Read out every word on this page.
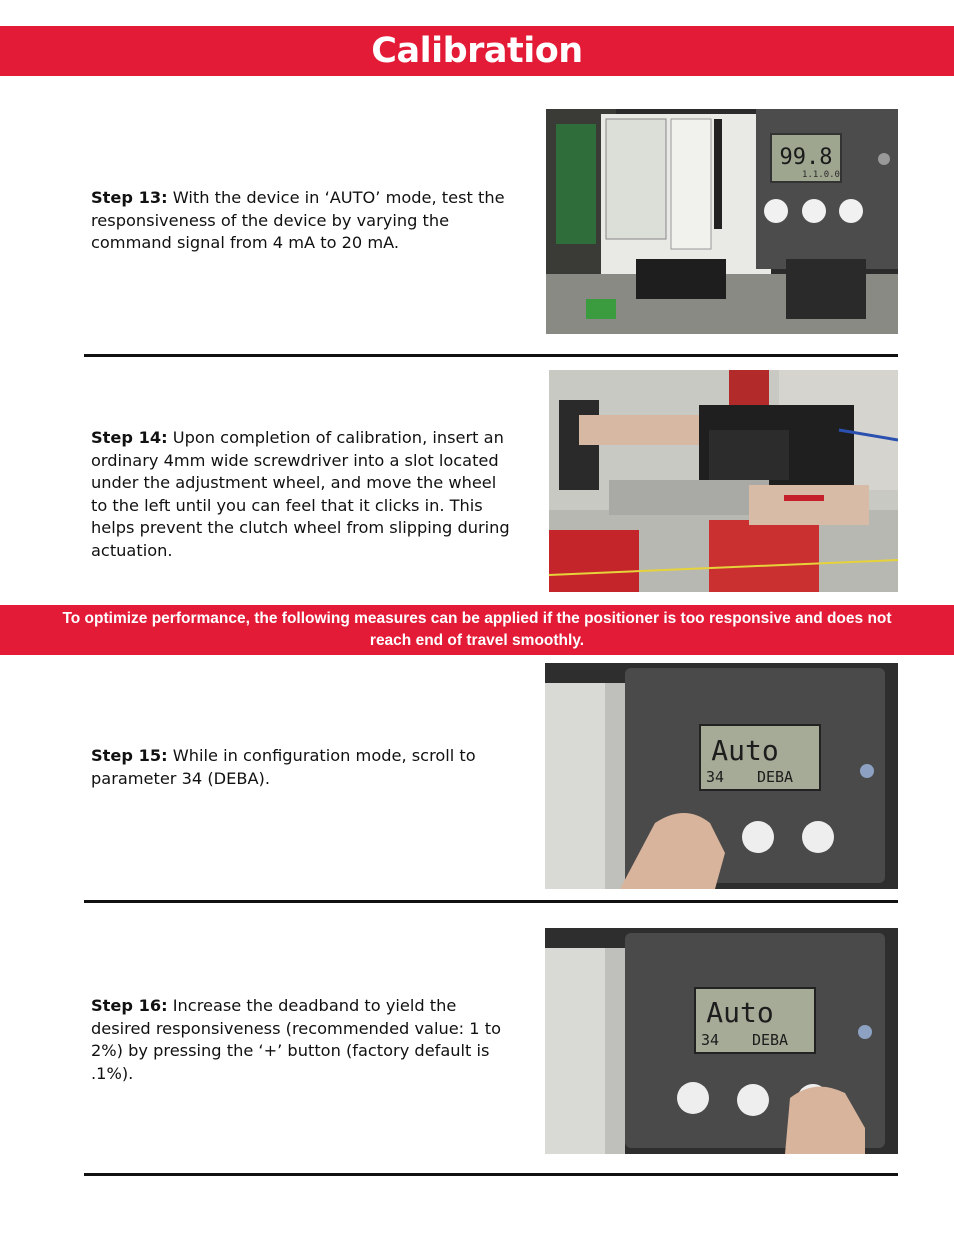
Calibration
Step 13: With the device in ‘AUTO’ mode, test the responsiveness of the device by varying the command signal from 4 mA to 20 mA.
99.8
1.1.0.0
Step 14: Upon completion of calibration, insert an ordinary 4mm wide screwdriver into a slot located under the adjustment wheel, and move the wheel to the left until you can feel that it clicks in. This helps prevent the clutch wheel from slipping during actuation.
To optimize performance, the following measures can be applied if the positioner is too responsive and does not reach end of travel smoothly.
Step 15: While in configuration mode, scroll to parameter 34 (DEBA).
Auto
34 DEBA
Step 16: Increase the deadband to yield the desired responsiveness (recommended value: 1 to 2%) by pressing the ‘+’ button (factory default is .1%).
Auto
34 DEBA
